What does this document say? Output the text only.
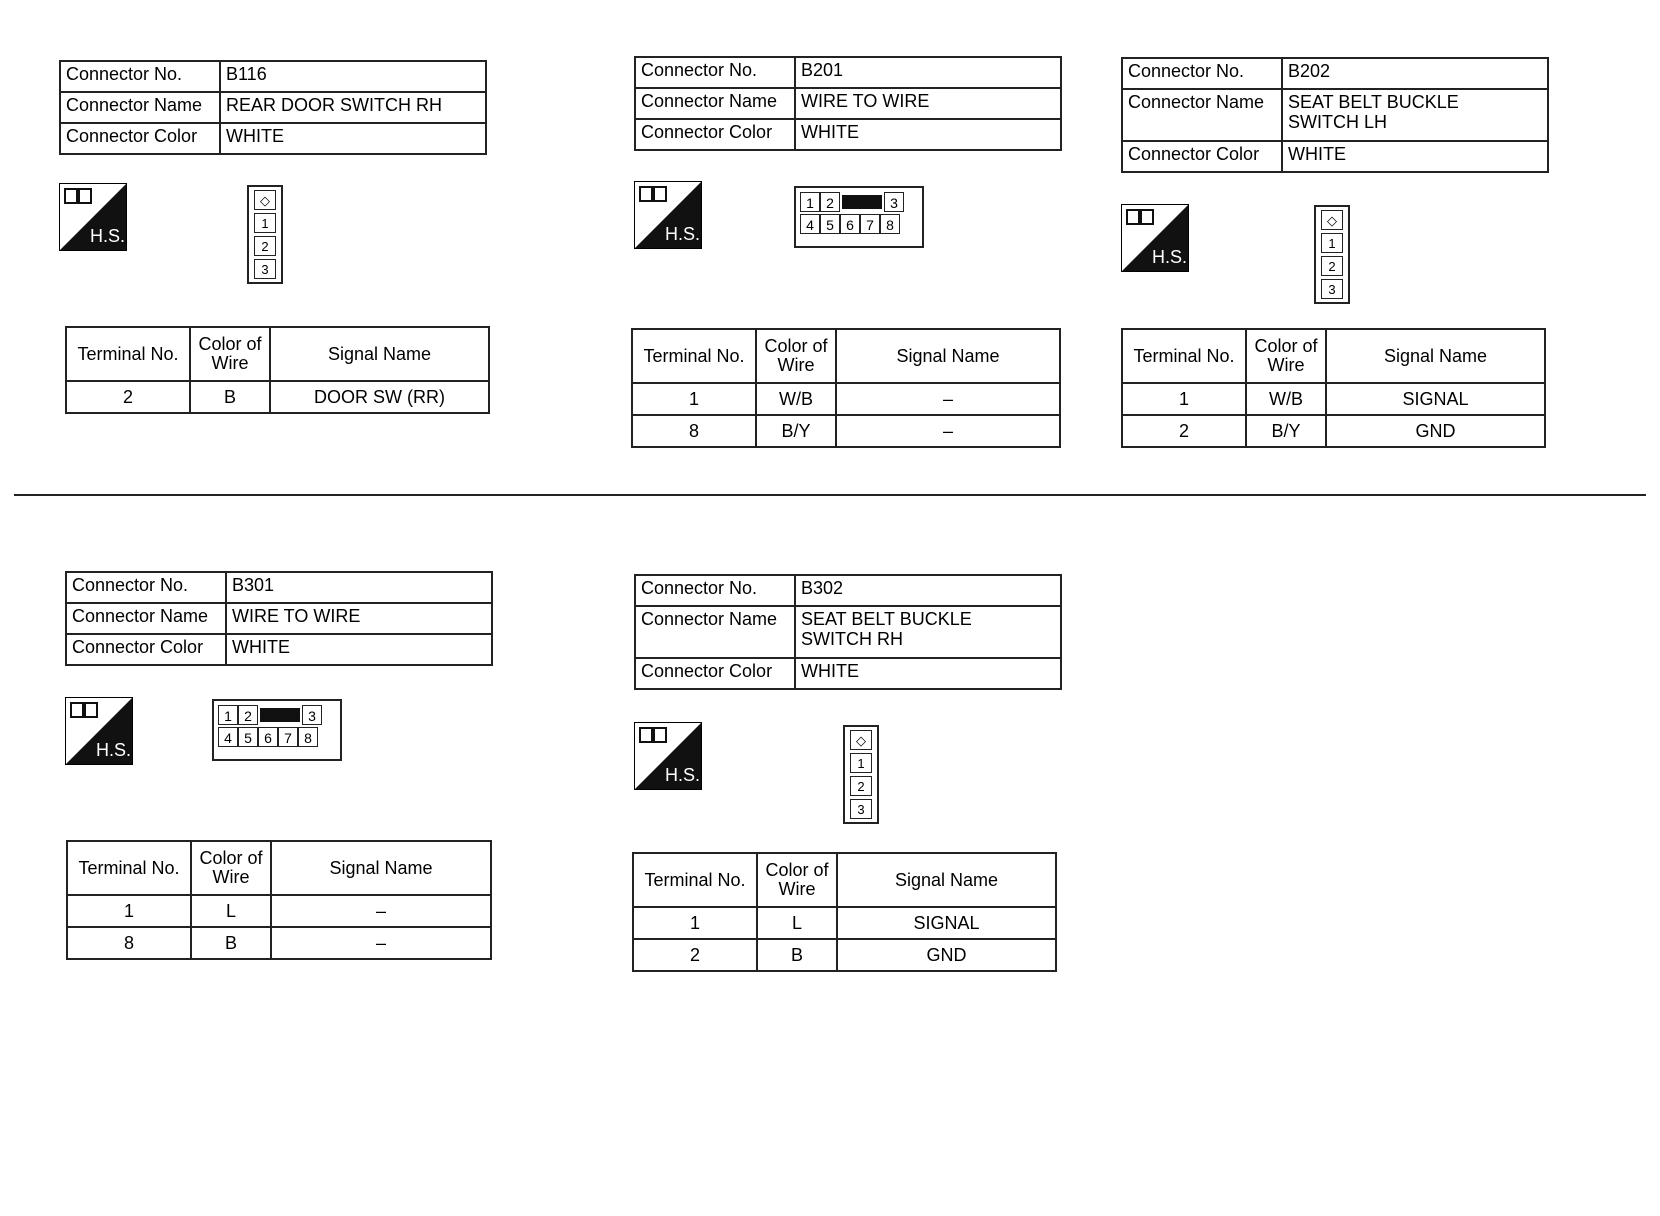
Connector No.	B116
Connector Name	REAR DOOR SWITCH RH
Connector Color	WHITE
H.S.
◇
1
2
3
Terminal No.	Color of Wire	Signal Name
2	B	DOOR SW (RR)
Connector No.	B201
Connector Name	WIRE TO WIRE
Connector Color	WHITE
H.S.
1 2	3
4 5 6 7 8
Terminal No.	Color of Wire	Signal Name
1	W/B	–
8	B/Y	–
Connector No.	B202
Connector Name	SEAT BELT BUCKLE SWITCH LH
Connector Color	WHITE
H.S.
◇
1
2
3
Terminal No.	Color of Wire	Signal Name
1	W/B	SIGNAL
2	B/Y	GND
Connector No.	B301
Connector Name	WIRE TO WIRE
Connector Color	WHITE
H.S.
1 2	3
4 5 6 7 8
Terminal No.	Color of Wire	Signal Name
1	L	–
8	B	–
Connector No.	B302
Connector Name	SEAT BELT BUCKLE SWITCH RH
Connector Color	WHITE
H.S.
◇
1
2
3
Terminal No.	Color of Wire	Signal Name
1	L	SIGNAL
2	B	GND
